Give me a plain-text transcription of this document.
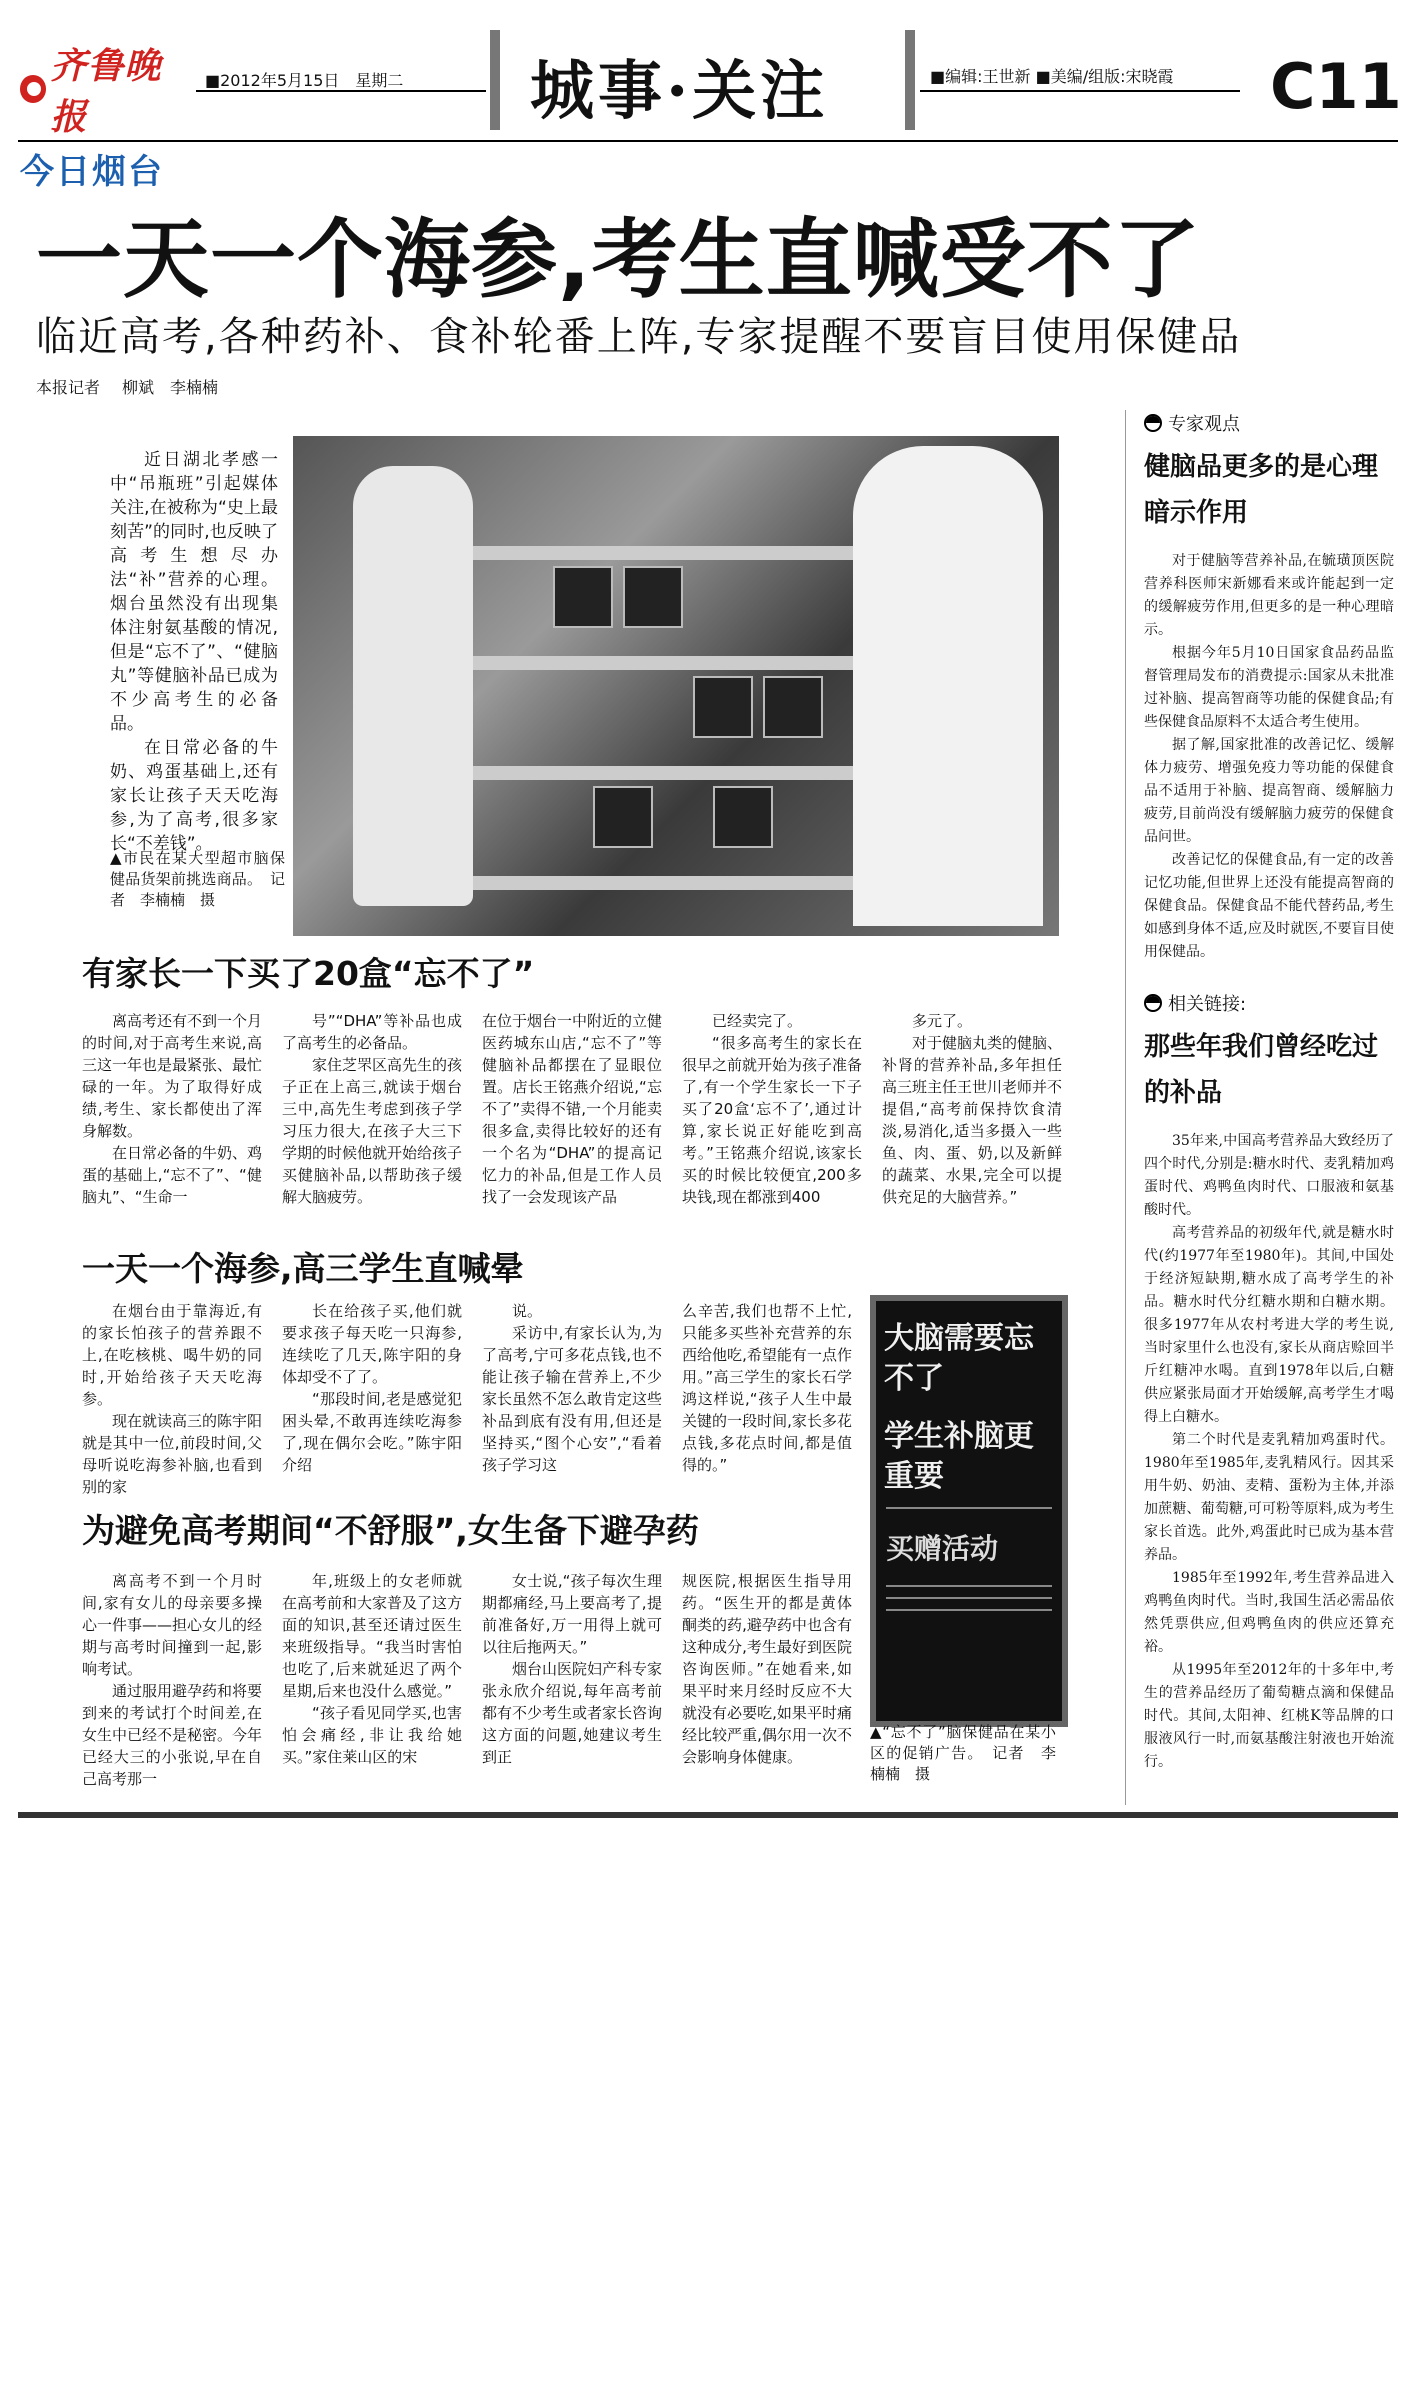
齐鲁晚报
今日烟台
■2012年5月15日　星期二 城事·关注	■编辑:王世新 ■美编/组版:宋晓霞 C11
一天一个海参,考生直喊受不了
临近高考,各种药补、食补轮番上阵,专家提醒不要盲目使用保健品
本报记者 柳斌　李楠楠

近日湖北孝感一中“吊瓶班”引起媒体关注,在被称为“史上最刻苦”的同时,也反映了高考生想尽办法“补”营养的心理。烟台虽然没有出现集体注射氨基酸的情况,但是“忘不了”、“健脑丸”等健脑补品已成为不少高考生的必备品。

在日常必备的牛奶、鸡蛋基础上,还有家长让孩子天天吃海参,为了高考,很多家长“不差钱”。

▲市民在某大型超市脑保健品货架前挑选商品。　记者　李楠楠　摄
有家长一下买了20盒“忘不了”

离高考还有不到一个月的时间,对于高考生来说,高三这一年也是最紧张、最忙碌的一年。为了取得好成绩,考生、家长都使出了浑身解数。

在日常必备的牛奶、鸡蛋的基础上,“忘不了”、“健脑丸”、“生命一

号”“DHA”等补品也成了高考生的必备品。

家住芝罘区高先生的孩子正在上高三,就读于烟台三中,高先生考虑到孩子学习压力很大,在孩子大三下学期的时候他就开始给孩子买健脑补品,以帮助孩子缓解大脑疲劳。

在位于烟台一中附近的立健医药城东山店,“忘不了”等健脑补品都摆在了显眼位置。店长王铭燕介绍说,“忘不了”卖得不错,一个月能卖很多盒,卖得比较好的还有一个名为“DHA”的提高记忆力的补品,但是工作人员找了一会发现该产品

已经卖完了。

“很多高考生的家长在很早之前就开始为孩子准备了,有一个学生家长一下子买了20盒‘忘不了’,通过计算,家长说正好能吃到高考。”王铭燕介绍说,该家长买的时候比较便宜,200多块钱,现在都涨到400

多元了。

对于健脑丸类的健脑、补肾的营养补品,多年担任高三班主任王世川老师并不提倡,“高考前保持饮食清淡,易消化,适当多摄入一些鱼、肉、蛋、奶,以及新鲜的蔬菜、水果,完全可以提供充足的大脑营养。”

一天一个海参,高三学生直喊晕

在烟台由于靠海近,有的家长怕孩子的营养跟不上,在吃核桃、喝牛奶的同时,开始给孩子天天吃海参。

现在就读高三的陈宇阳就是其中一位,前段时间,父母听说吃海参补脑,也看到别的家

长在给孩子买,他们就要求孩子每天吃一只海参,连续吃了几天,陈宇阳的身体却受不了了。

“那段时间,老是感觉犯困头晕,不敢再连续吃海参了,现在偶尔会吃。”陈宇阳介绍

说。

采访中,有家长认为,为了高考,宁可多花点钱,也不能让孩子输在营养上,不少家长虽然不怎么敢肯定这些补品到底有没有用,但还是坚持买,“图个心安”,“看着孩子学习这

么辛苦,我们也帮不上忙,只能多买些补充营养的东西给他吃,希望能有一点作用。”高三学生的家长石学鸿这样说,“孩子人生中最关键的一段时间,家长多花点钱,多花点时间,都是值得的。”
为避免高考期间“不舒服”,女生备下避孕药

离高考不到一个月时间,家有女儿的母亲要多操心一件事——担心女儿的经期与高考时间撞到一起,影响考试。

通过服用避孕药和将要到来的考试打个时间差,在女生中已经不是秘密。今年已经大三的小张说,早在自己高考那一

年,班级上的女老师就在高考前和大家普及了这方面的知识,甚至还请过医生来班级指导。“我当时害怕也吃了,后来就延迟了两个星期,后来也没什么感觉。”

“孩子看见同学买,也害怕会痛经,非让我给她买。”家住莱山区的宋

女士说,“孩子每次生理期都痛经,马上要高考了,提前准备好,万一用得上就可以往后拖两天。”

烟台山医院妇产科专家张永欣介绍说,每年高考前都有不少考生或者家长咨询这方面的问题,她建议考生到正

规医院,根据医生指导用药。“医生开的都是黄体酮类的药,避孕药中也含有这种成分,考生最好到医院咨询医师。”在她看来,如果平时来月经时反应不大就没有必要吃,如果平时痛经比较严重,偶尔用一次不会影响身体健康。
大脑需要忘不了
学生补脑更重要
买赠活动
▲“忘不了”脑保健品在某小区的促销广告。　记者　李楠楠　摄
专家观点
健脑品更多的是心理暗示作用

对于健脑等营养补品,在毓璜顶医院营养科医师宋新娜看来或许能起到一定的缓解疲劳作用,但更多的是一种心理暗示。

根据今年5月10日国家食品药品监督管理局发布的消费提示:国家从未批准过补脑、提高智商等功能的保健食品;有些保健食品原料不太适合考生使用。

据了解,国家批准的改善记忆、缓解体力疲劳、增强免疫力等功能的保健食品不适用于补脑、提高智商、缓解脑力疲劳,目前尚没有缓解脑力疲劳的保健食品问世。

改善记忆的保健食品,有一定的改善记忆功能,但世界上还没有能提高智商的保健食品。保健食品不能代替药品,考生如感到身体不适,应及时就医,不要盲目使用保健品。

相关链接:
那些年我们曾经吃过的补品

35年来,中国高考营养品大致经历了四个时代,分别是:糖水时代、麦乳精加鸡蛋时代、鸡鸭鱼肉时代、口服液和氨基酸时代。

高考营养品的初级年代,就是糖水时代(约1977年至1980年)。其间,中国处于经济短缺期,糖水成了高考学生的补品。糖水时代分红糖水期和白糖水期。很多1977年从农村考进大学的考生说,当时家里什么也没有,家长从商店赊回半斤红糖冲水喝。直到1978年以后,白糖供应紧张局面才开始缓解,高考学生才喝得上白糖水。

第二个时代是麦乳精加鸡蛋时代。1980年至1985年,麦乳精风行。因其采用牛奶、奶油、麦精、蛋粉为主体,并添加蔗糖、葡萄糖,可可粉等原料,成为考生家长首选。此外,鸡蛋此时已成为基本营养品。

1985年至1992年,考生营养品进入鸡鸭鱼肉时代。当时,我国生活必需品依然凭票供应,但鸡鸭鱼肉的供应还算充裕。

从1995年至2012年的十多年中,考生的营养品经历了葡萄糖点滴和保健品时代。其间,太阳神、红桃K等品牌的口服液风行一时,而氨基酸注射液也开始流行。
